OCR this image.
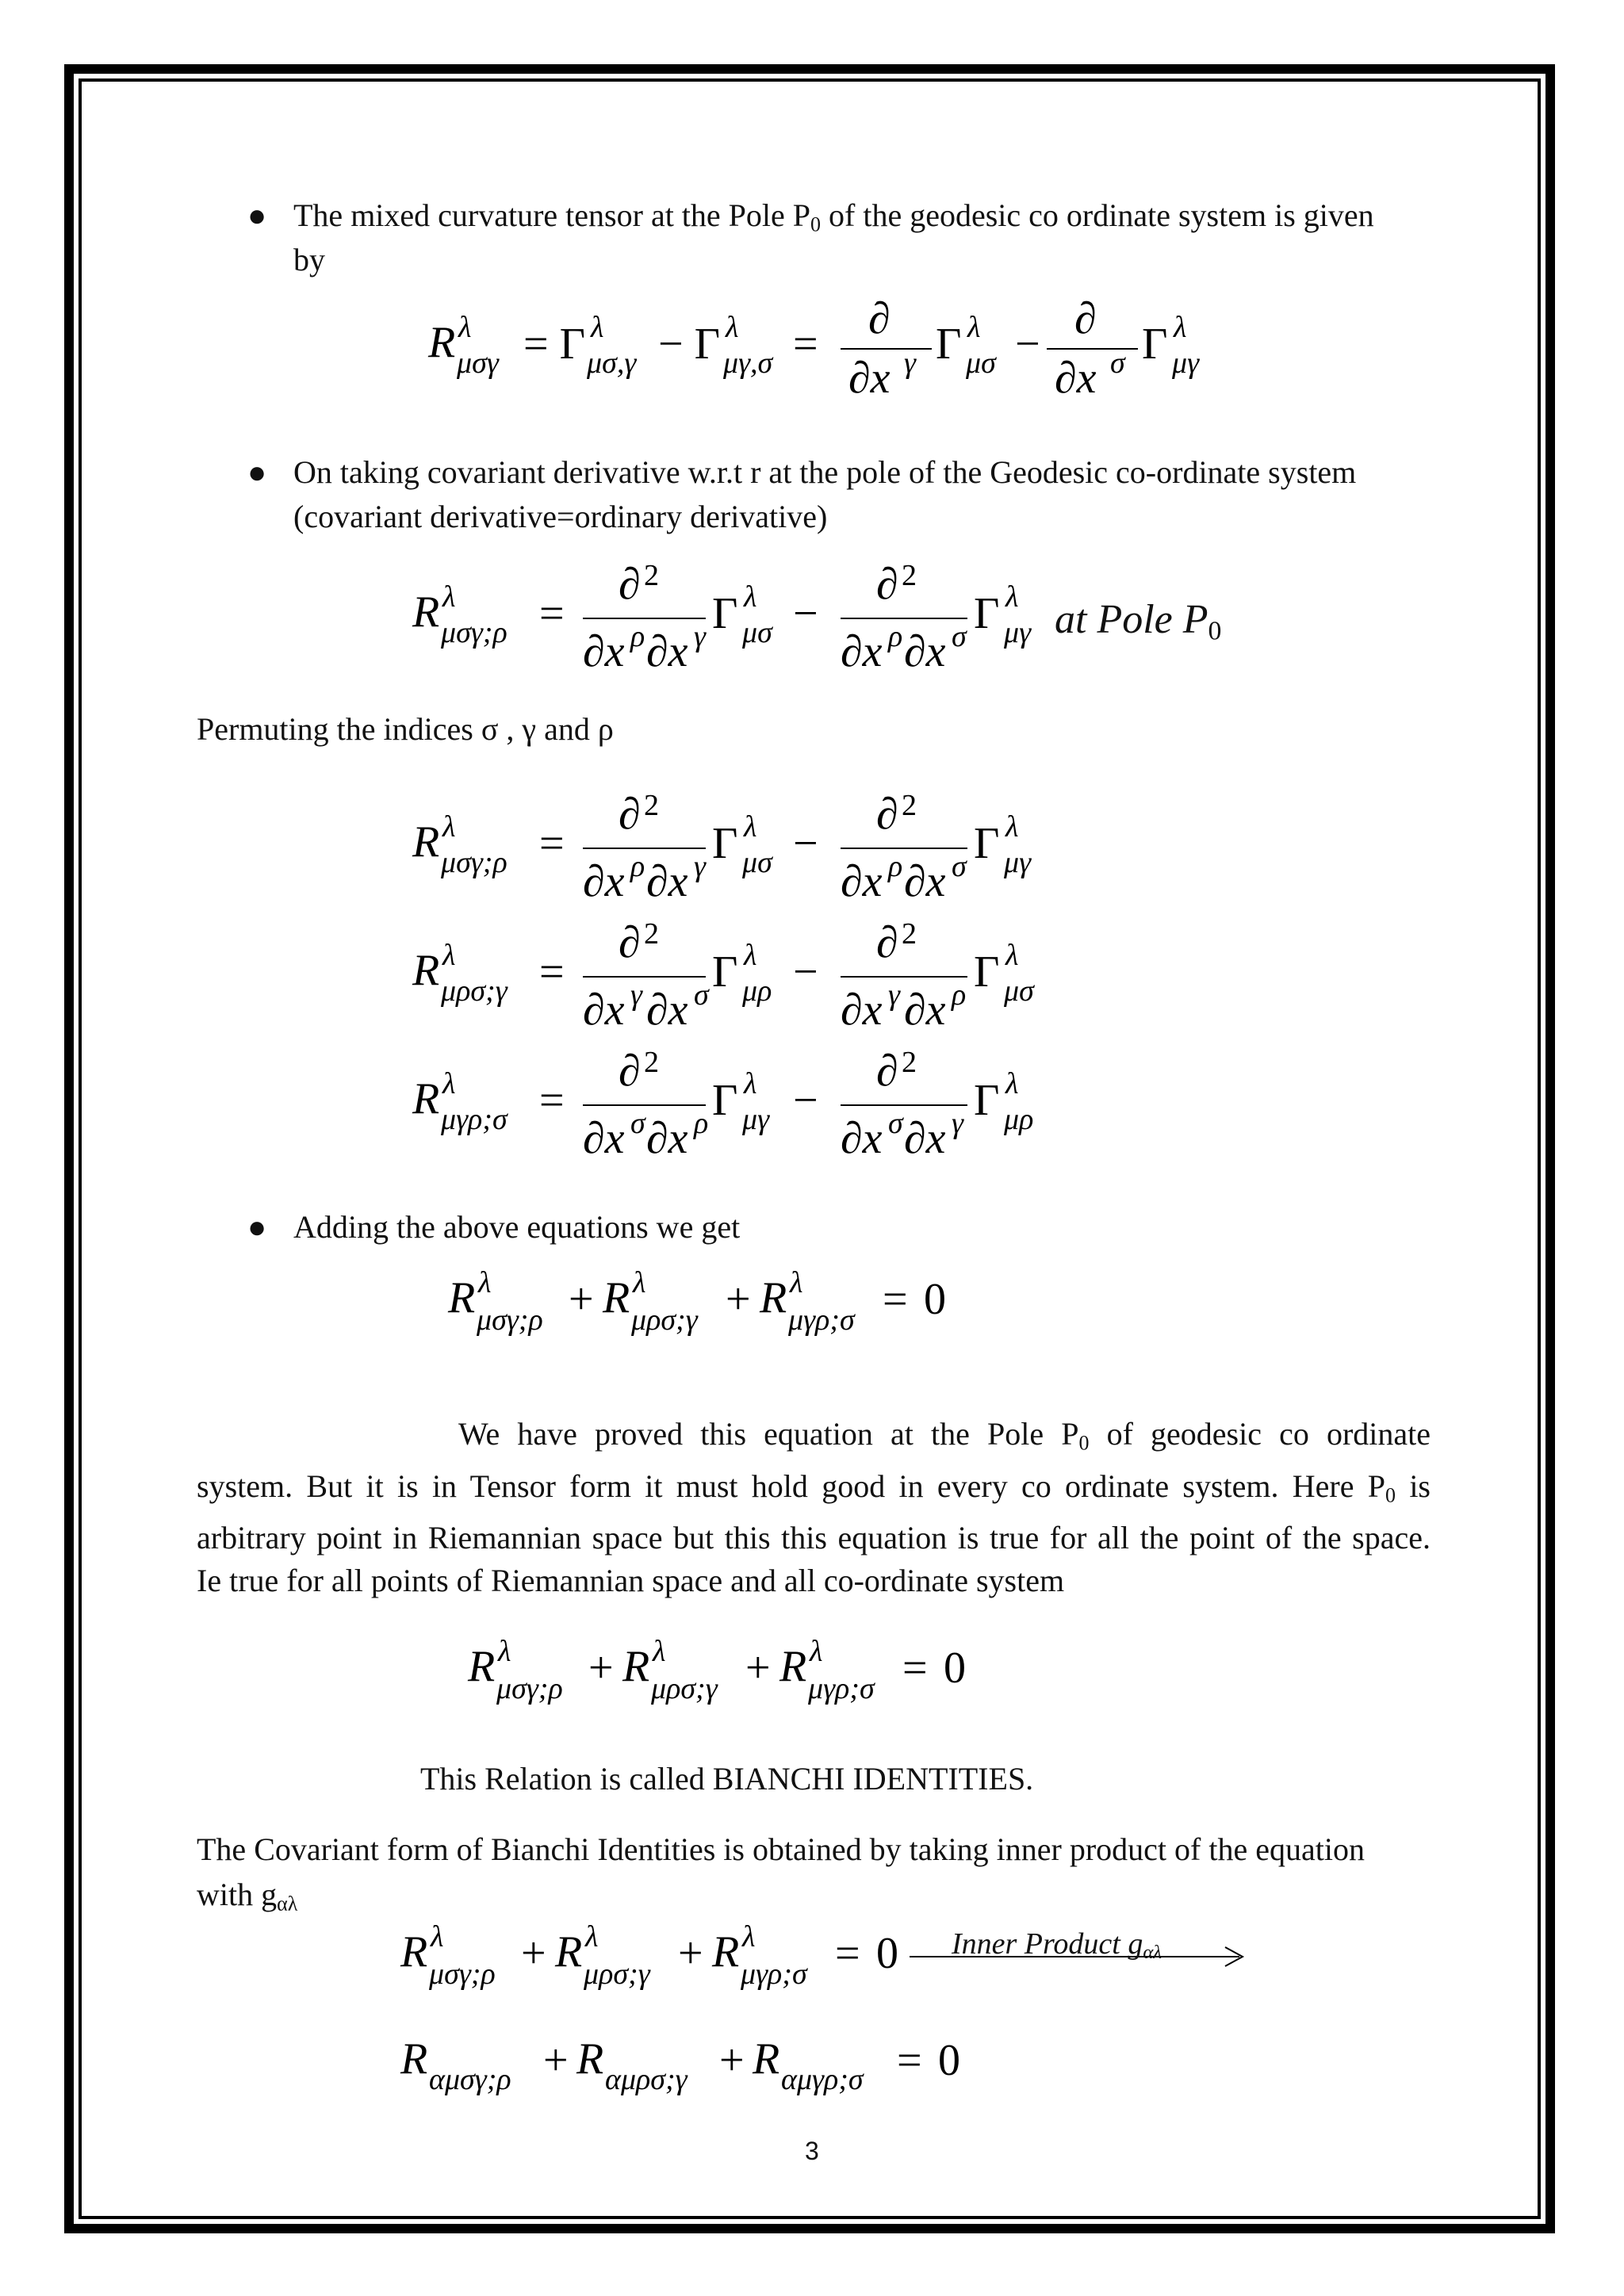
● The mixed curvature tensor at the Pole $P_0$ of the geodesic co ordinate system is given
by
R λ
μσγ = Γ λ
μσ,γ − Γ λ
μγ,σ =
∂
∂x γ Γ λ
μσ −
∂
∂x σ Γ λ
μγ
● On taking covariant derivative w.r.t r at the pole of the Geodesic co-ordinate system
(covariant derivative=ordinary derivative)
R λ
μσγ;ρ =
∂ 2
∂x ρ ∂x γ Γ λ
μσ −
∂ 2
∂x ρ ∂x σ Γ λ
μγ at Pole $P_0$
Permuting the indices σ , γ and ρ
R λ
μσγ;ρ =
∂ 2
∂x ρ ∂x γ Γ λ
μσ −
∂ 2
∂x ρ ∂x σ Γ λ
μγ
R λ
μρσ;γ =
∂ 2
∂x γ ∂x σ Γ λ
μρ −
∂ 2
∂x γ ∂x ρ Γ λ
μσ
R λ
μγρ;σ =
∂ 2
∂x σ ∂x ρ Γ λ
μγ −
∂ 2
∂x σ ∂x γ Γ λ
μρ
● Adding the above equations we get
R λ
μσγ;ρ + R λ
μρσ;γ + R λ
μγρ;σ = 0
We have proved this equation at the Pole $P_0$ of geodesic co ordinate
system. But it is in Tensor form it must hold good in every co ordinate system. Here $P_0$ is
arbitrary point in Riemannian space but this this equation is true for all the point of the space.
Ie true for all points of Riemannian space and all co-ordinate system
R λ
μσγ;ρ + R λ
μρσ;γ + R λ
μγρ;σ = 0
This Relation is called BIANCHI IDENTITIES.
The Covariant form of Bianchi Identities is obtained by taking inner product of the equation
with $g_{\alpha\lambda}$
R λ
μσγ;ρ + R λ
μρσ;γ + R λ
μγρ;σ = 0 Inner Product $g_{\alpha\lambda}$
R αμσγ;ρ + R αμρσ;γ + R αμγρ;σ = 0
3
